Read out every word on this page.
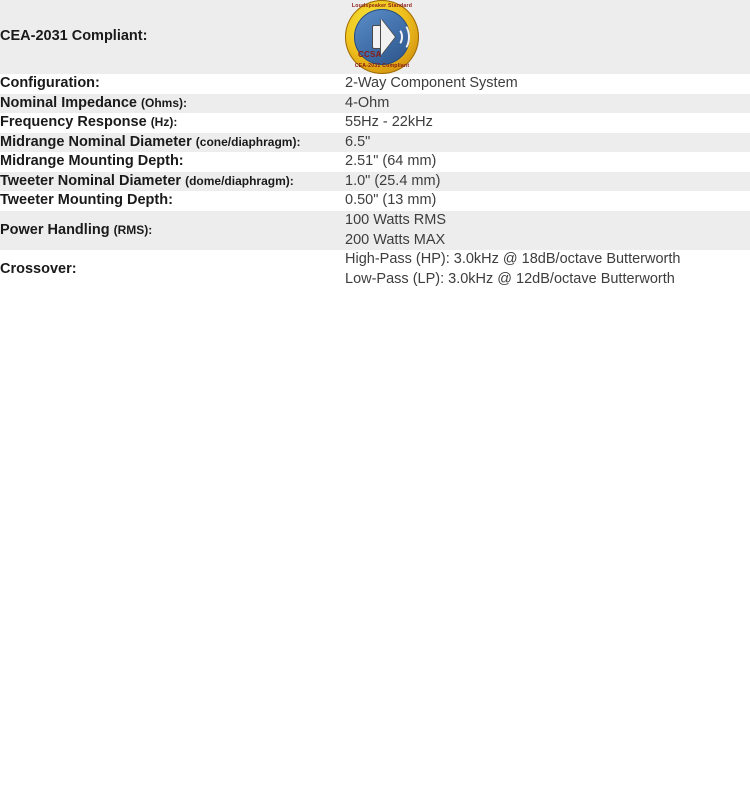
CEA-2031 Compliant:	Loudspeaker Standard
CCSA
CEA-2031 Compliant

Configuration:	2-Way Component System

Nominal Impedance (Ohms):	4-Ohm

Frequency Response (Hz):	55Hz - 22kHz

Midrange Nominal Diameter (cone/diaphragm):	6.5"

Midrange Mounting Depth:	2.51" (64 mm)

Tweeter Nominal Diameter (dome/diaphragm):	1.0" (25.4 mm)

Tweeter Mounting Depth:	0.50" (13 mm)

Power Handling (RMS):	100 Watts RMS
200 Watts MAX

Crossover:	High-Pass (HP): 3.0kHz @ 18dB/octave Butterworth
Low-Pass (LP): 3.0kHz @ 12dB/octave Butterworth
